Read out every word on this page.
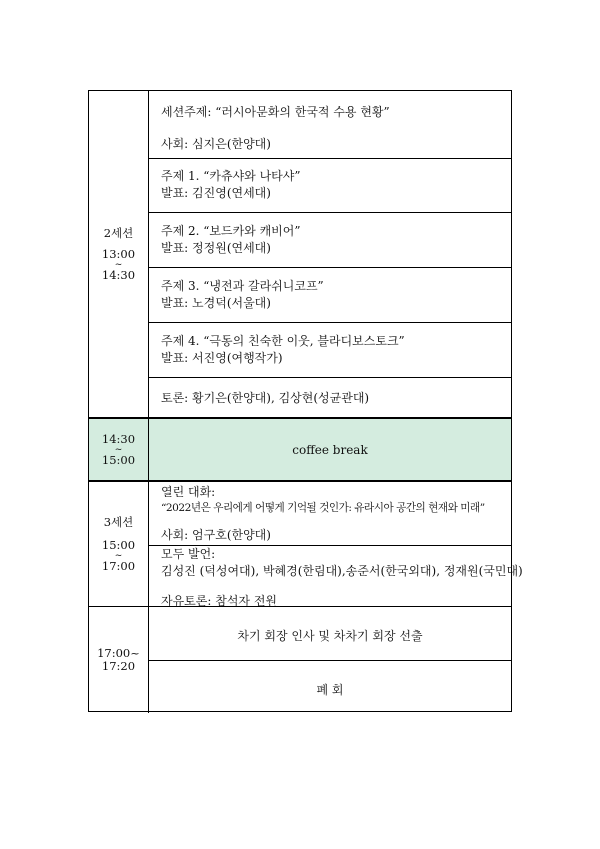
2세션
13:00
~
14:30
세션주제: “러시아문화의 한국적 수용 현황”
사회: 심지은(한양대)
주제 1. “카츄샤와 나타샤”
발표: 김진영(연세대)
주제 2. “보드카와 캐비어”
발표: 정정원(연세대)
주제 3. “냉전과 갈라쉬니코프”
발표: 노경덕(서울대)
주제 4. “극동의 친숙한 이웃, 블라디보스토크”
발표: 서진영(여행작가)
토론: 황기은(한양대), 김상현(성균관대)
14:30
~
15:00
coffee break
3세션
15:00
~
17:00
열린 대화:
“2022년은 우리에게 어떻게 기억될 것인가: 유라시아 공간의 현재와 미래”
사회: 엄구호(한양대)
모두 발언:
김성진 (덕성여대), 박혜경(한림대),송준서(한국외대), 정재원(국민대)
자유토론: 참석자 전원
17:00~
17:20
차기 회장 인사 및 차차기 회장 선출
폐 회
